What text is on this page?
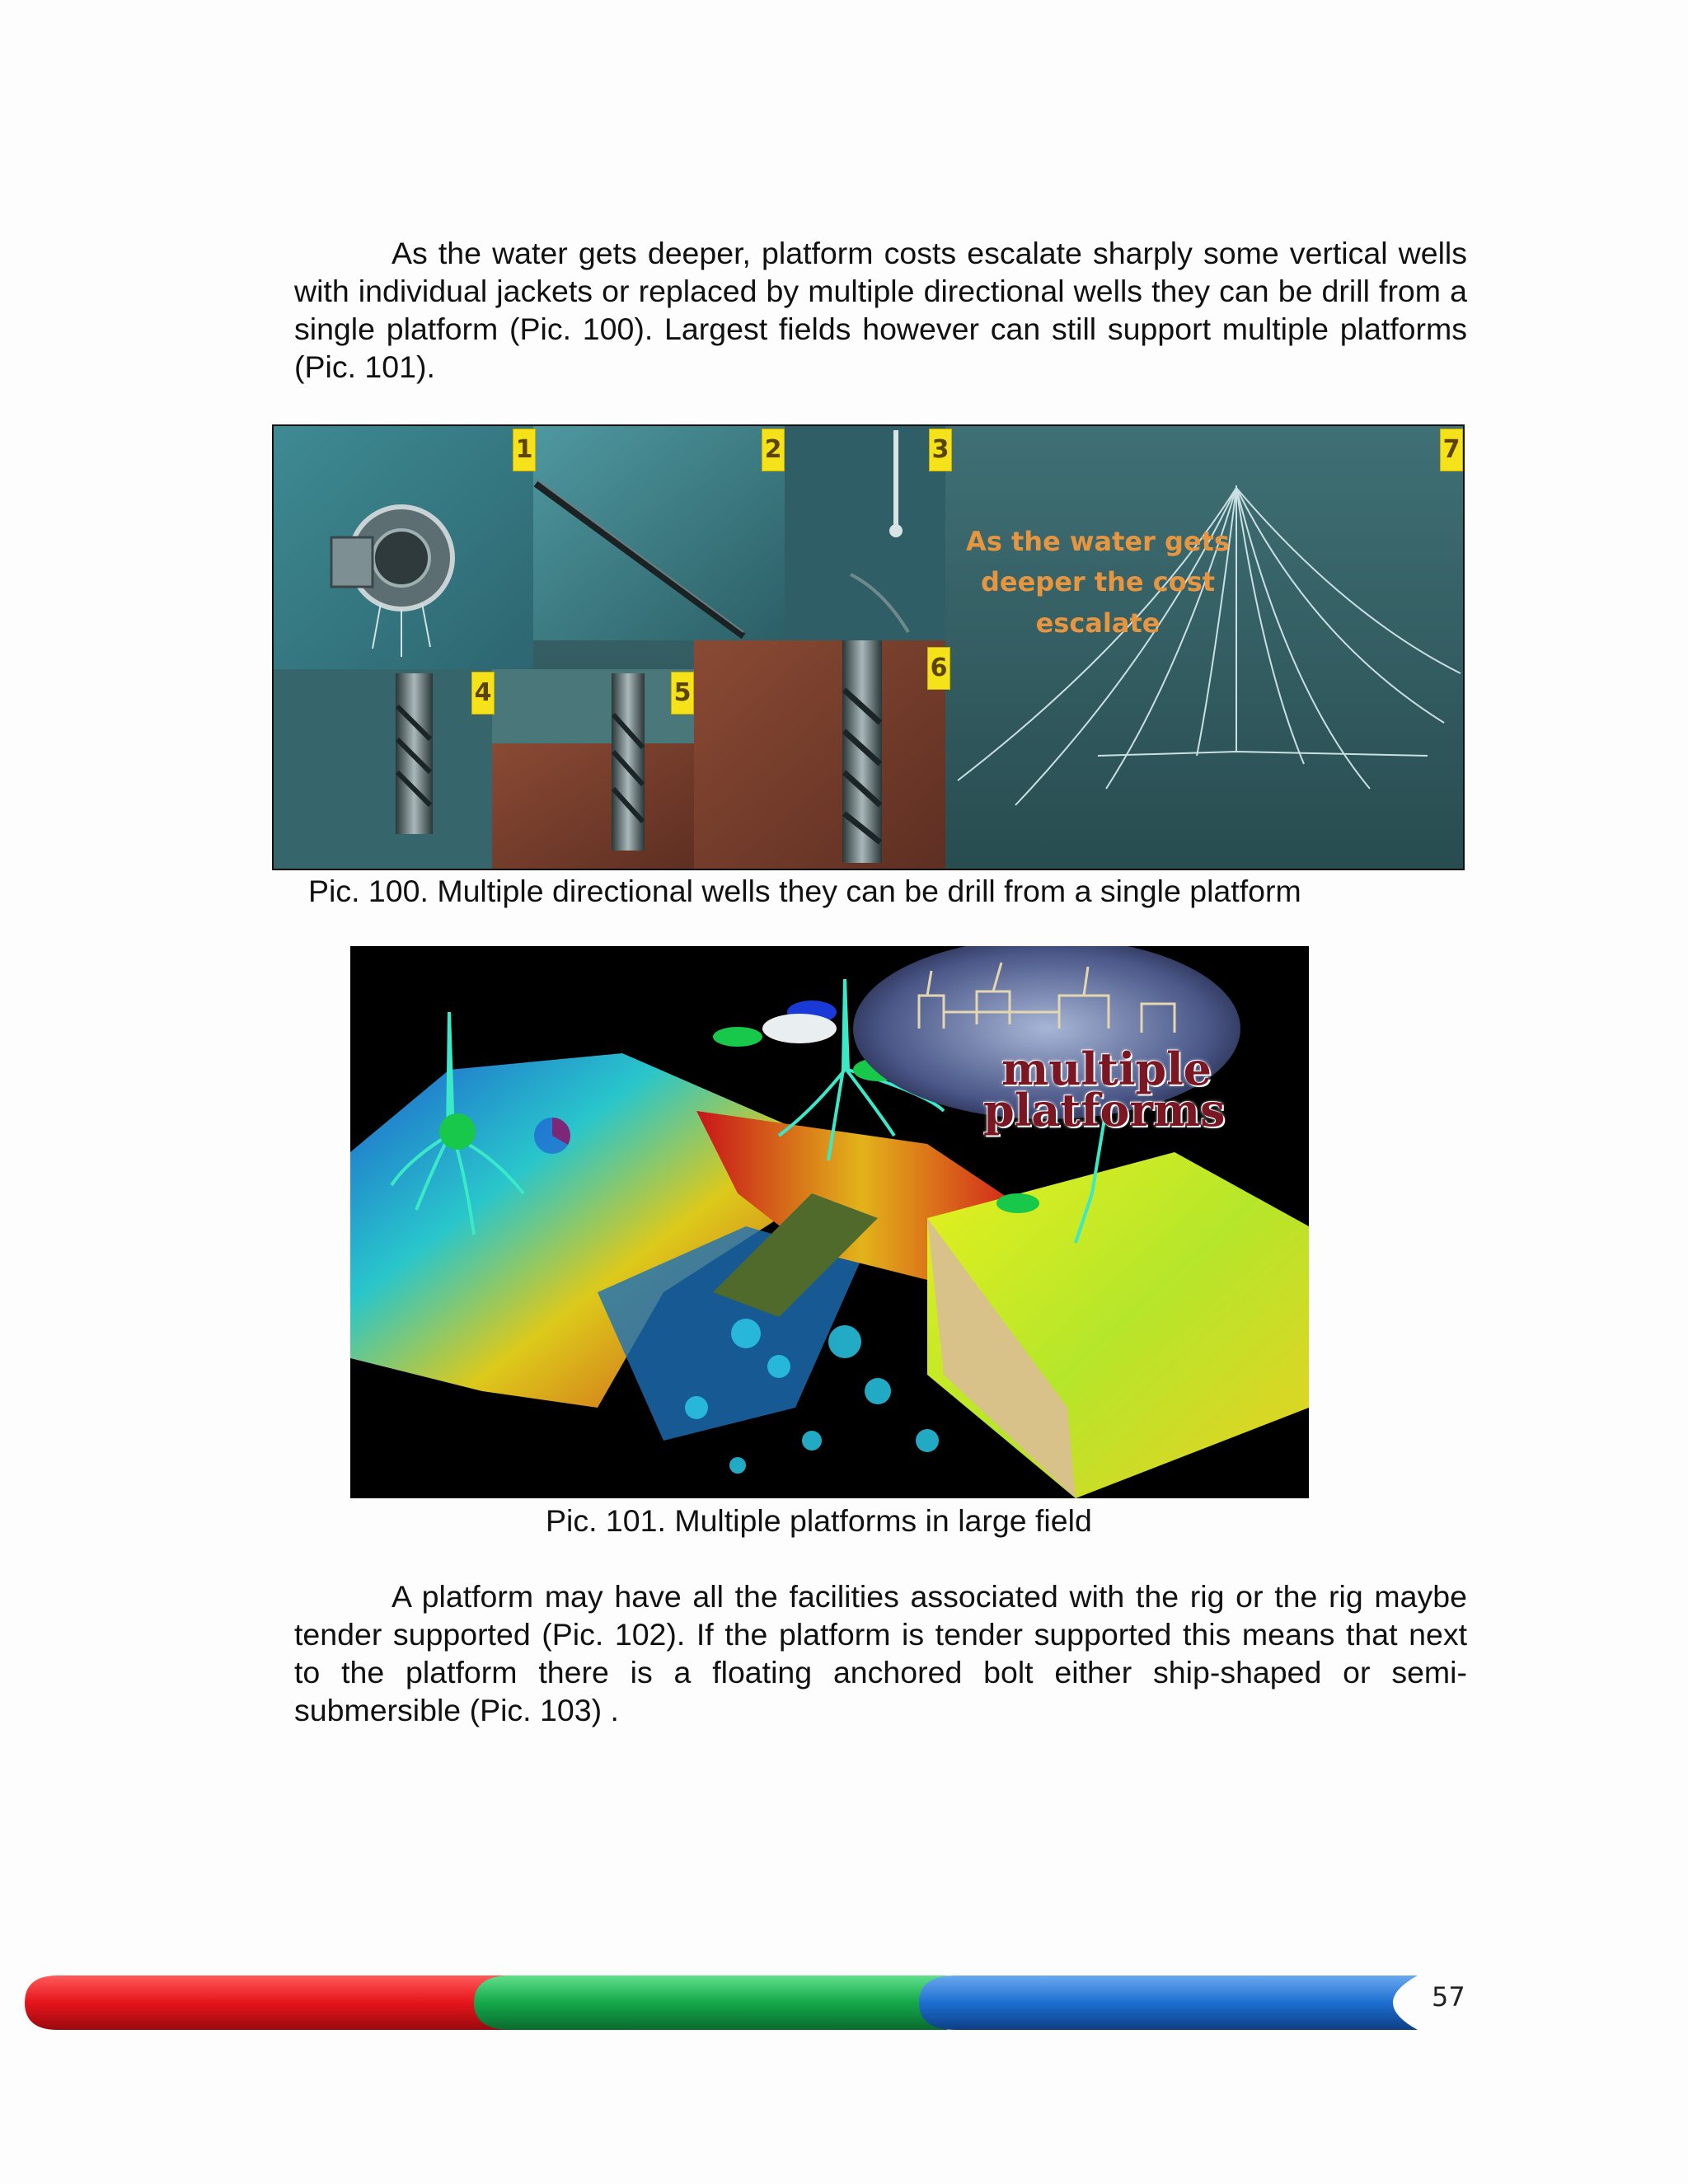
As the water gets deeper, platform costs escalate sharply some vertical wells with individual jackets or replaced by multiple directional wells they can be drill from a single platform (Pic. 100). Largest fields however can still support multiple platforms (Pic. 101).

1	2	3
4	5
6
7
As the water gets
deeper the cost
escalate

Pic. 100. Multiple directional wells they can be drill from a single platform

multiple
platforms

Pic. 101. Multiple platforms in large field

A platform may have all the facilities associated with the rig or the rig maybe tender supported (Pic. 102). If the platform is tender supported this means that next to the platform there is a floating anchored bolt either ship-shaped or semi-submersible (Pic. 103) .

57
